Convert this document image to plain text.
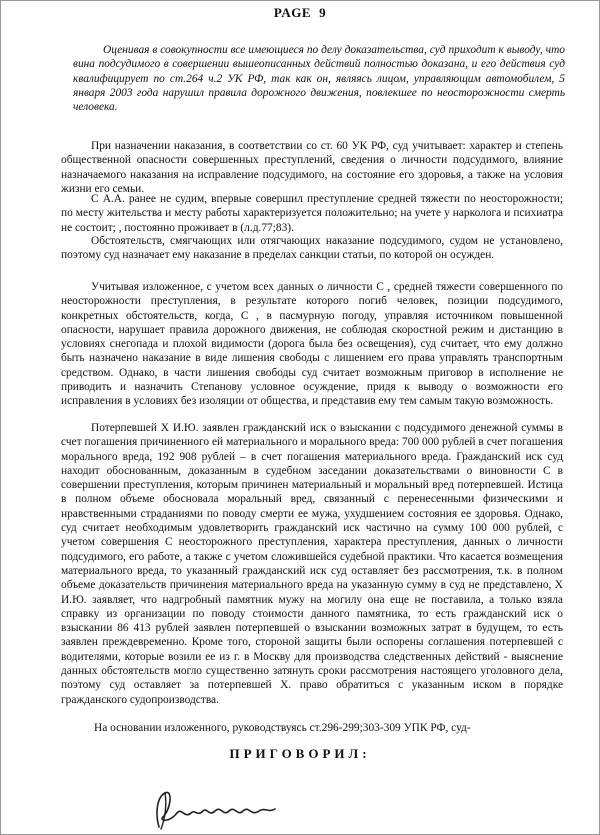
PAGE 9

Оценивая в совокупности все имеющиеся по делу доказательства, суд приходит к выводу, что вина подсудимого в совершении вышеописанных действий полностью доказана, и его действия суд квалифицирует по ст.264 ч.2 УК РФ, так как он, являясь лицом, управляющим автомобилем, 5 января 2003 года нарушил правила дорожного движения, повлекшее по неосторожности смерть человека.

При назначении наказания, в соответствии со ст. 60 УК РФ, суд учитывает: характер и степень общественной опасности совершенных преступлений, сведения о личности подсудимого, влияние назначаемого наказания на исправление подсудимого, на состояние его здоровья, а также на условия жизни его семьи.

С А.А. ранее не судим, впервые совершил преступление средней тяжести по неосторожности; по месту жительства и месту работы характеризуется положительно; на учете у нарколога и психиатра не состоит; , постоянно проживает в (л.д.77;83).

Обстоятельств, смягчающих или отягчающих наказание подсудимого, судом не установлено, поэтому суд назначает ему наказание в пределах санкции статьи, по которой он осужден.

Учитывая изложенное, с учетом всех данных о личности С , средней тяжести совершенного по неосторожности преступления, в результате которого погиб человек, позиции подсудимого, конкретных обстоятельств, когда, С , в пасмурную погоду, управляя источником повышенной опасности, нарушает правила дорожного движения, не соблюдая скоростной режим и дистанцию в условиях снегопада и плохой видимости (дорога была без освещения), суд считает, что ему должно быть назначено наказание в виде лишения свободы с лишением его права управлять транспортным средством. Однако, в части лишения свободы суд считает возможным приговор в исполнение не приводить и назначить Степанову условное осуждение, придя к выводу о возможности его исправления в условиях без изоляции от общества, и представив ему тем самым такую возможность.

Потерпевшей Х И.Ю. заявлен гражданский иск о взыскании с подсудимого денежной суммы в счет погашения причиненного ей материального и морального вреда: 700 000 рублей в счет погашения морального вреда, 192 908 рублей – в счет погашения материального вреда. Гражданский иск суд находит обоснованным, доказанным в судебном заседании доказательствами о виновности С в совершении преступления, которым причинен материальный и моральный вред потерпевшей. Истица в полном объеме обосновала моральный вред, связанный с перенесенными физическими и нравственными страданиями по поводу смерти ее мужа, ухудшением состояния ее здоровья. Однако, суд считает необходимым удовлетворить гражданский иск частично на сумму 100 000 рублей, с учетом совершения С неосторожного преступления, характера преступления, данных о личности подсудимого, его работе, а также с учетом сложившейся судебной практики. Что касается возмещения материального вреда, то указанный гражданский иск суд оставляет без рассмотрения, т.к. в полном объеме доказательств причинения материального вреда на указанную сумму в суд не представлено, Х И.Ю. заявляет, что надгробный памятник мужу на могилу она еще не поставила, а только взяла справку из организации по поводу стоимости данного памятника, то есть гражданский иск о взыскании 86 413 рублей заявлен потерпевшей о взыскании возможных затрат в будущем, то есть заявлен преждевременно. Кроме того, стороной защиты были оспорены соглашения потерпевшей с водителями, которые возили ее из г. в Москву для производства следственных действий - выяснение данных обстоятельств могло существенно затянуть сроки рассмотрения настоящего уголовного дела, поэтому суд оставляет за потерпевшей Х. право обратиться с указанным иском в порядке гражданского судопроизводства.

На основании изложенного, руководствуясь ст.296-299;303-309 УПК РФ, суд-

ПРИГОВОРИЛ:
